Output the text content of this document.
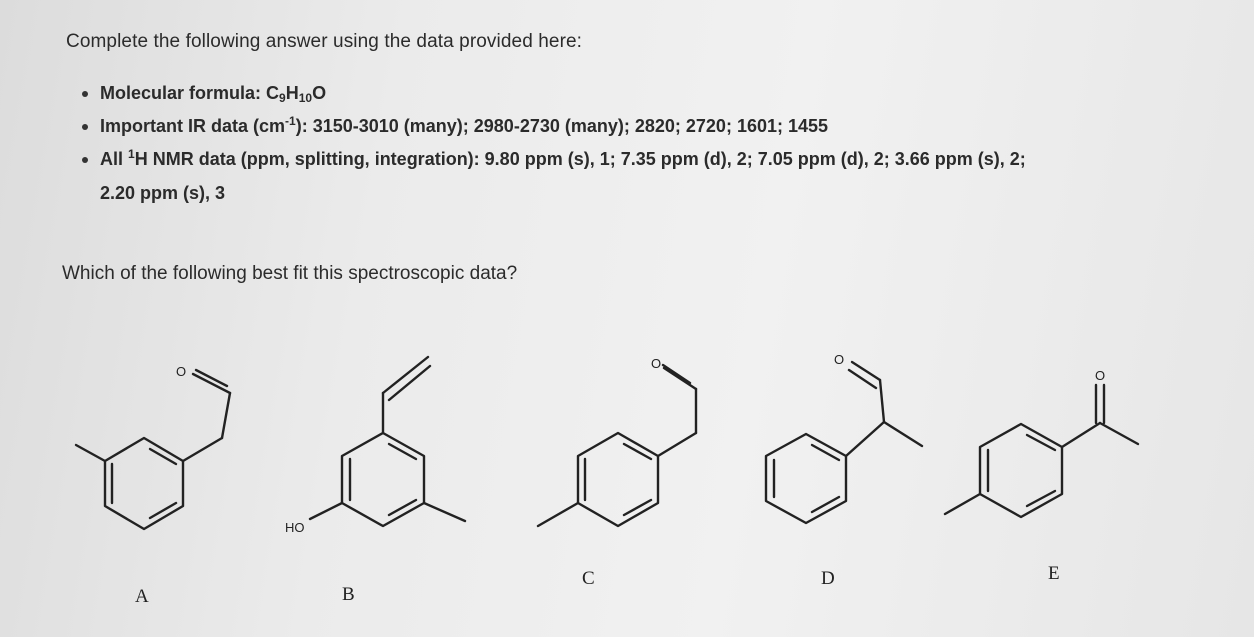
Complete the following answer using the data provided here:
Molecular formula: $C_9H_{10}O$
Important IR data $(cm^{-1})$: 3150-3010 (many); 2980-2730 (many); 2820; 2720; 1601; 1455
All $^1$H NMR data (ppm, splitting, integration): 9.80 ppm (s), 1; 7.35 ppm (d), 2; 7.05 ppm (d), 2; 3.66 ppm (s), 2;
2.20 ppm (s), 3
Which of the following best fit this spectroscopic data?
O
A
HO
B
O
C
O
D
O
E
